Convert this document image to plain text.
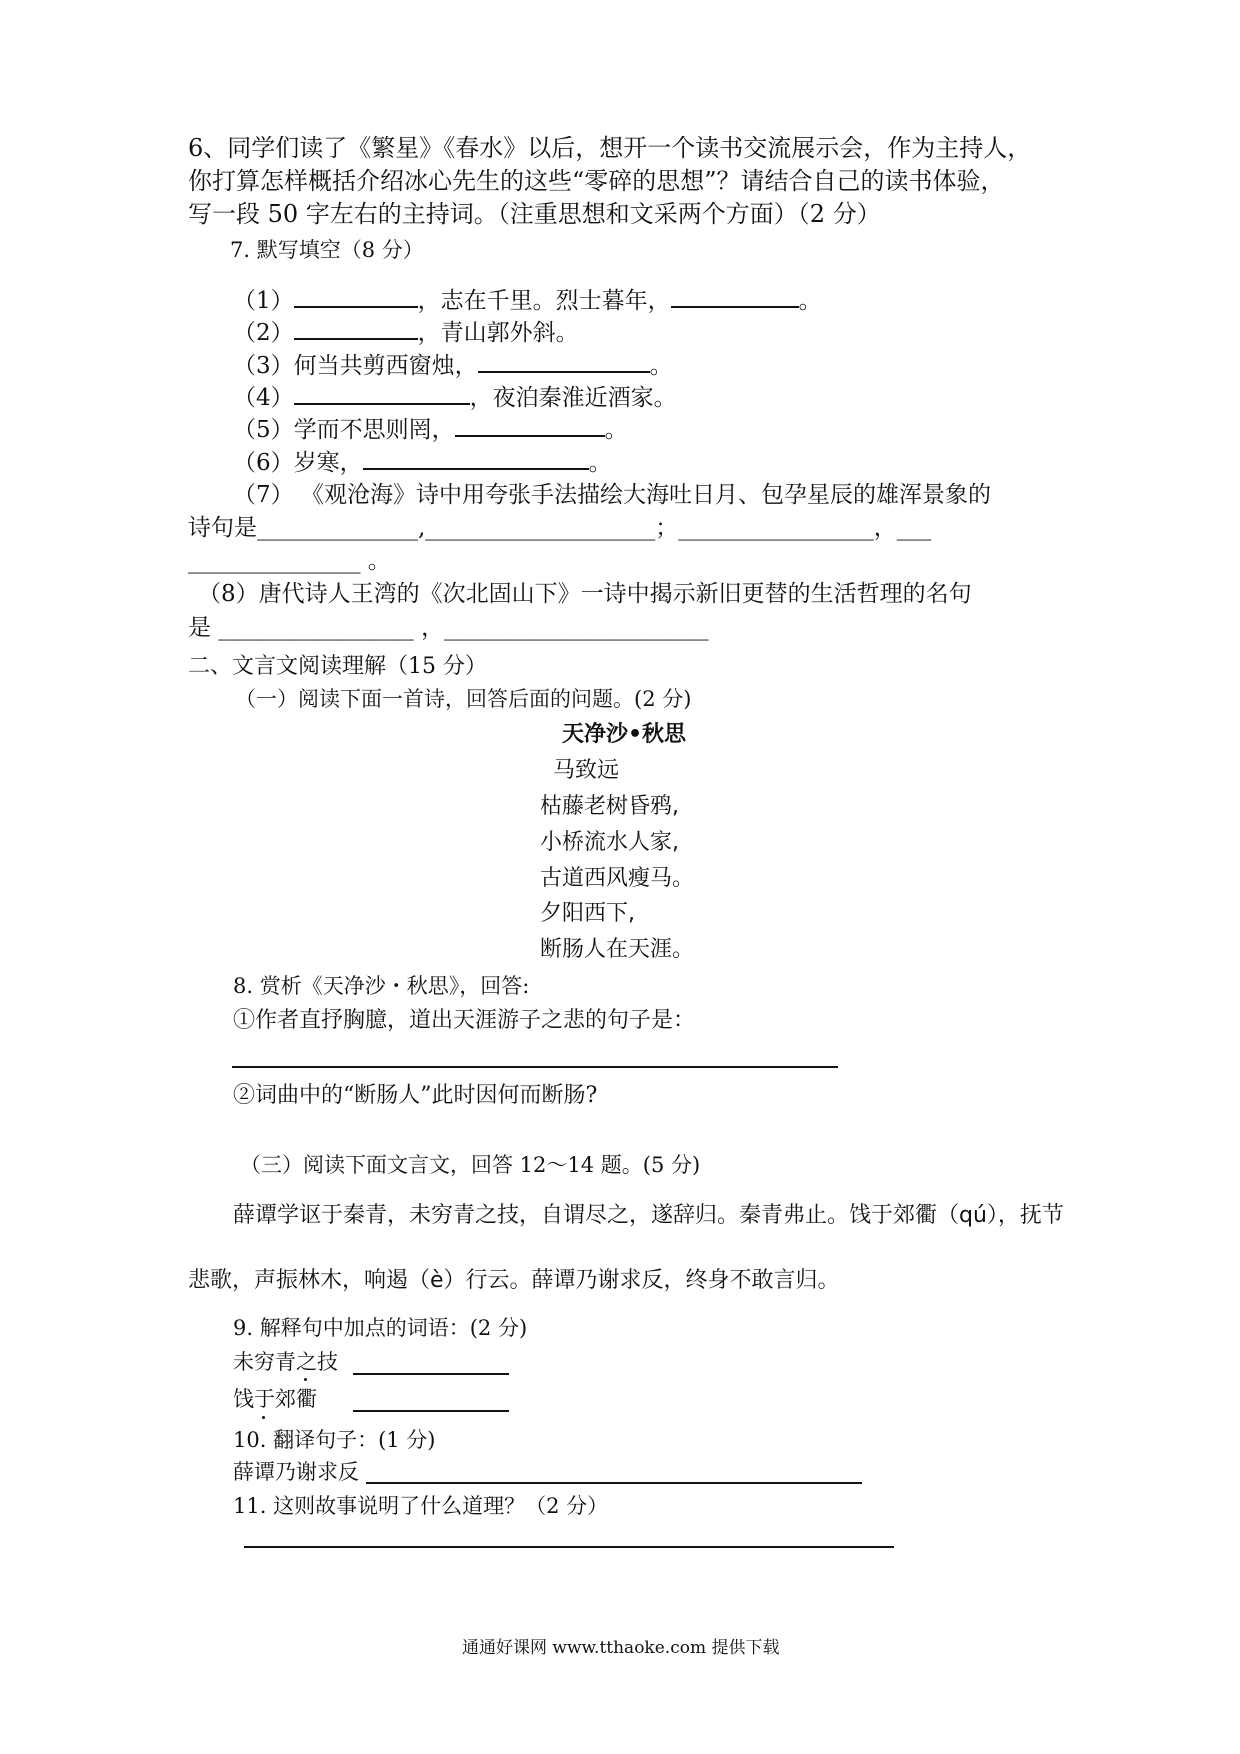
6、同学们读了《繁星》《春水》以后，想开一个读书交流展示会，作为主持人，
你打算怎样概括介绍冰心先生的这些“零碎的思想”？请结合自己的读书体验，
写一段 50 字左右的主持词。（注重思想和文采两个方面）（2 分）
7. 默写填空（8 分）
（1）	，志在千里。烈士暮年，	。
（2）	，青山郭外斜。
（3）何当共剪西窗烛，	。
（4）	，夜泊秦淮近酒家。
（5）学而不思则罔，	。
（6）岁寒，	。
（7） 《观沧海》诗中用夸张手法描绘大海吐日月、包孕星辰的雄浑景象的
诗句是______________,____________________；_________________，___
_______________ 。
（8）唐代诗人王湾的《次北固山下》一诗中揭示新旧更替的生活哲理的名句
是 _________________ ，_______________________
二、文言文阅读理解（15 分）
（一）阅读下面一首诗，回答后面的问题。(2 分)
天净沙•秋思
马致远
枯藤老树昏鸦,
小桥流水人家,
古道西风瘦马。
夕阳西下,
断肠人在天涯。
8. 赏析《天净沙・秋思》，回答:
①作者直抒胸臆，道出天涯游子之悲的句子是：
②词曲中的“断肠人”此时因何而断肠?
（三）阅读下面文言文，回答 12～14 题。(5 分)
薛谭学讴于秦青，未穷青之技，自谓尽之，遂辞归。秦青弗止。饯于郊衢（qú），抚节
悲歌，声振林木，响遏（è）行云。薛谭乃谢求反，终身不敢言归。
9. 解释句中加点的词语：(2 分)
未穷青之技
饯于郊衢
10. 翻译句子：(1 分)
薛谭乃谢求反
11. 这则故事说明了什么道理？（2 分）
通通好课网 www.tthaoke.com 提供下载
